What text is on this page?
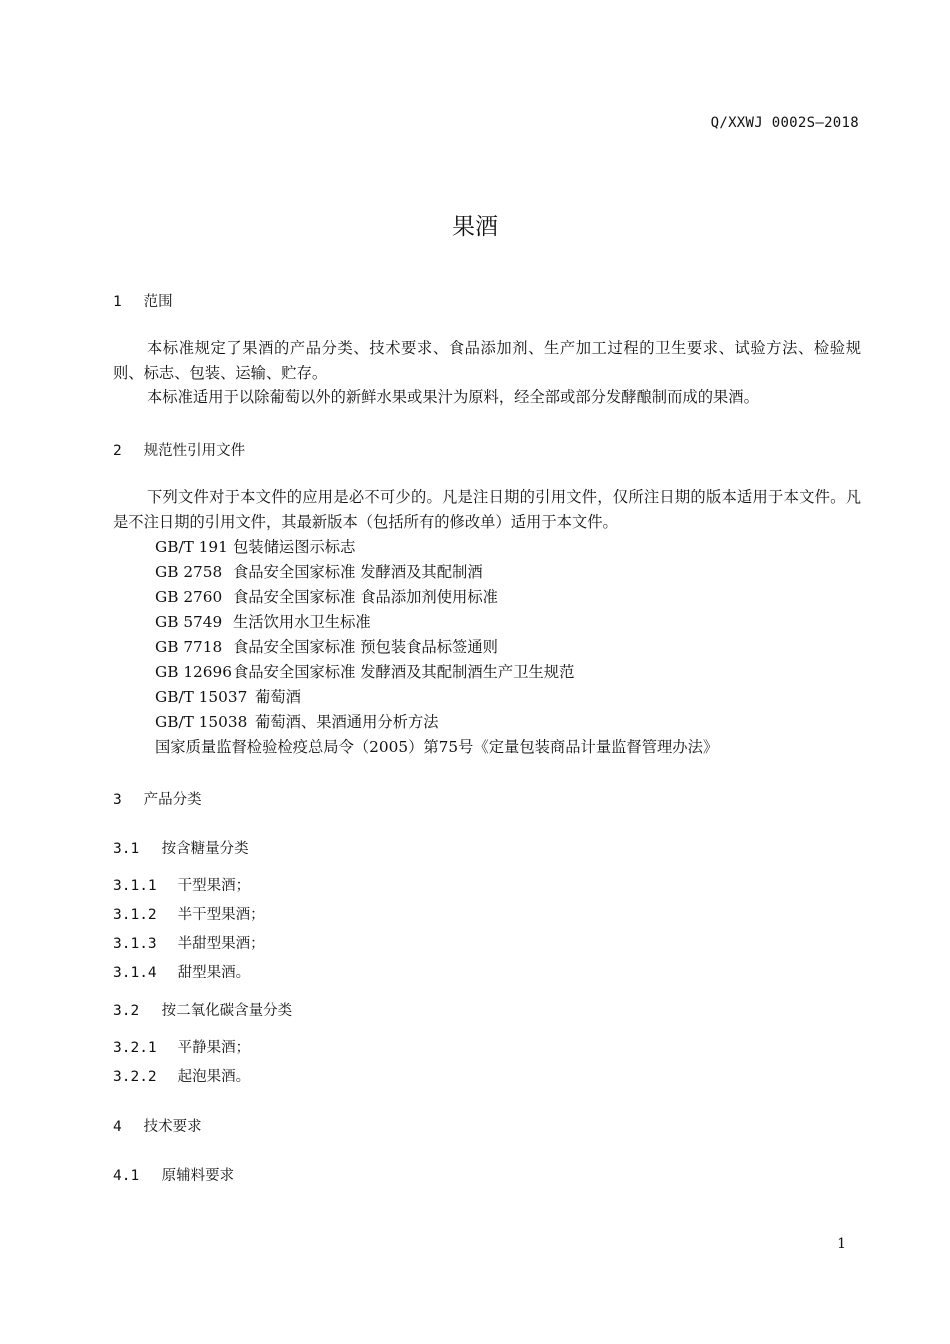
Q/XXWJ 0002S—2018
果酒
1 范围
本标准规定了果酒的产品分类、技术要求、食品添加剂、生产加工过程的卫生要求、试验方法、检验规则、标志、包装、运输、贮存。
本标准适用于以除葡萄以外的新鲜水果或果汁为原料，经全部或部分发酵酿制而成的果酒。
2 规范性引用文件
下列文件对于本文件的应用是必不可少的。凡是注日期的引用文件，仅所注日期的版本适用于本文件。凡是不注日期的引用文件，其最新版本（包括所有的修改单）适用于本文件。
GB/T 191 包装储运图示标志
GB 2758 食品安全国家标准 发酵酒及其配制酒
GB 2760 食品安全国家标准 食品添加剂使用标准
GB 5749 生活饮用水卫生标准
GB 7718 食品安全国家标准 预包装食品标签通则
GB 12696食品安全国家标准 发酵酒及其配制酒生产卫生规范
GB/T 15037 葡萄酒
GB/T 15038 葡萄酒、果酒通用分析方法
国家质量监督检验检疫总局令（2005）第75号《定量包装商品计量监督管理办法》
3 产品分类
3.1 按含糖量分类
3.1.1 干型果酒；
3.1.2 半干型果酒；
3.1.3 半甜型果酒；
3.1.4 甜型果酒。
3.2 按二氧化碳含量分类
3.2.1 平静果酒；
3.2.2 起泡果酒。
4 技术要求
4.1 原辅料要求
1
